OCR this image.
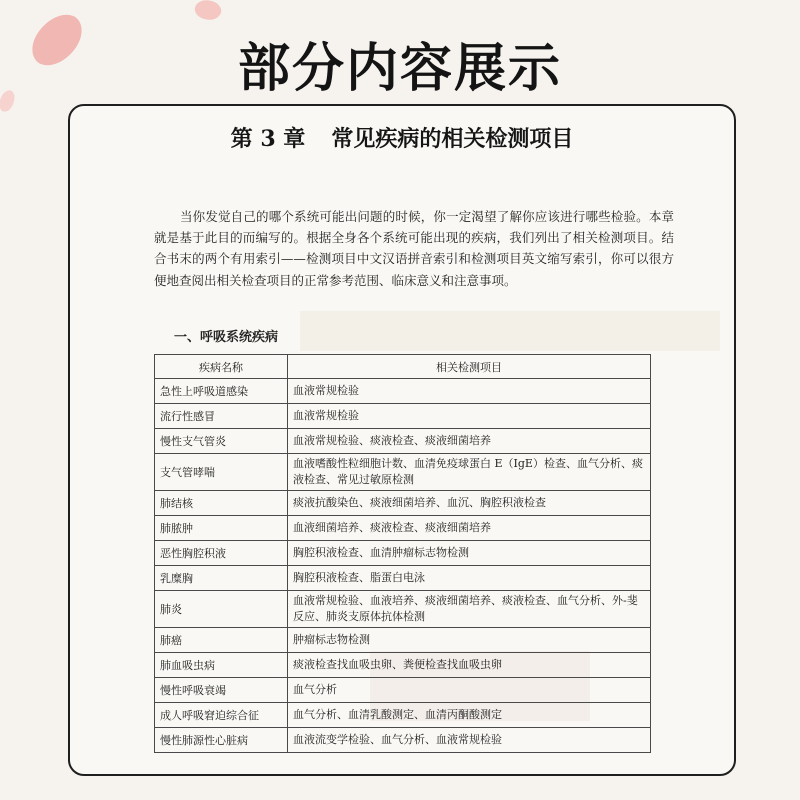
部分内容展示
第 3 章 常见疾病的相关检测项目
当你发觉自己的哪个系统可能出问题的时候，你一定渴望了解你应该进行哪些检验。本章就是基于此目的而编写的。根据全身各个系统可能出现的疾病，我们列出了相关检测项目。结合书末的两个有用索引——检测项目中文汉语拼音索引和检测项目英文缩写索引，你可以很方便地查阅出相关检查项目的正常参考范围、临床意义和注意事项。
一、呼吸系统疾病
疾病名称	相关检测项目
急性上呼吸道感染	血液常规检验
流行性感冒	血液常规检验
慢性支气管炎	血液常规检验、痰液检查、痰液细菌培养
支气管哮喘	血液嗜酸性粒细胞计数、血清免疫球蛋白 E（IgE）检查、血气分析、痰液检查、常见过敏原检测
肺结核	痰液抗酸染色、痰液细菌培养、血沉、胸腔积液检查
肺脓肿	血液细菌培养、痰液检查、痰液细菌培养
恶性胸腔积液	胸腔积液检查、血清肿瘤标志物检测
乳糜胸	胸腔积液检查、脂蛋白电泳
肺炎	血液常规检验、血液培养、痰液细菌培养、痰液检查、血气分析、外-斐反应、肺炎支原体抗体检测
肺癌	肿瘤标志物检测
肺血吸虫病	痰液检查找血吸虫卵、粪便检查找血吸虫卵
慢性呼吸衰竭	血气分析
成人呼吸窘迫综合征	血气分析、血清乳酸测定、血清丙酮酸测定
慢性肺源性心脏病	血液流变学检验、血气分析、血液常规检验
